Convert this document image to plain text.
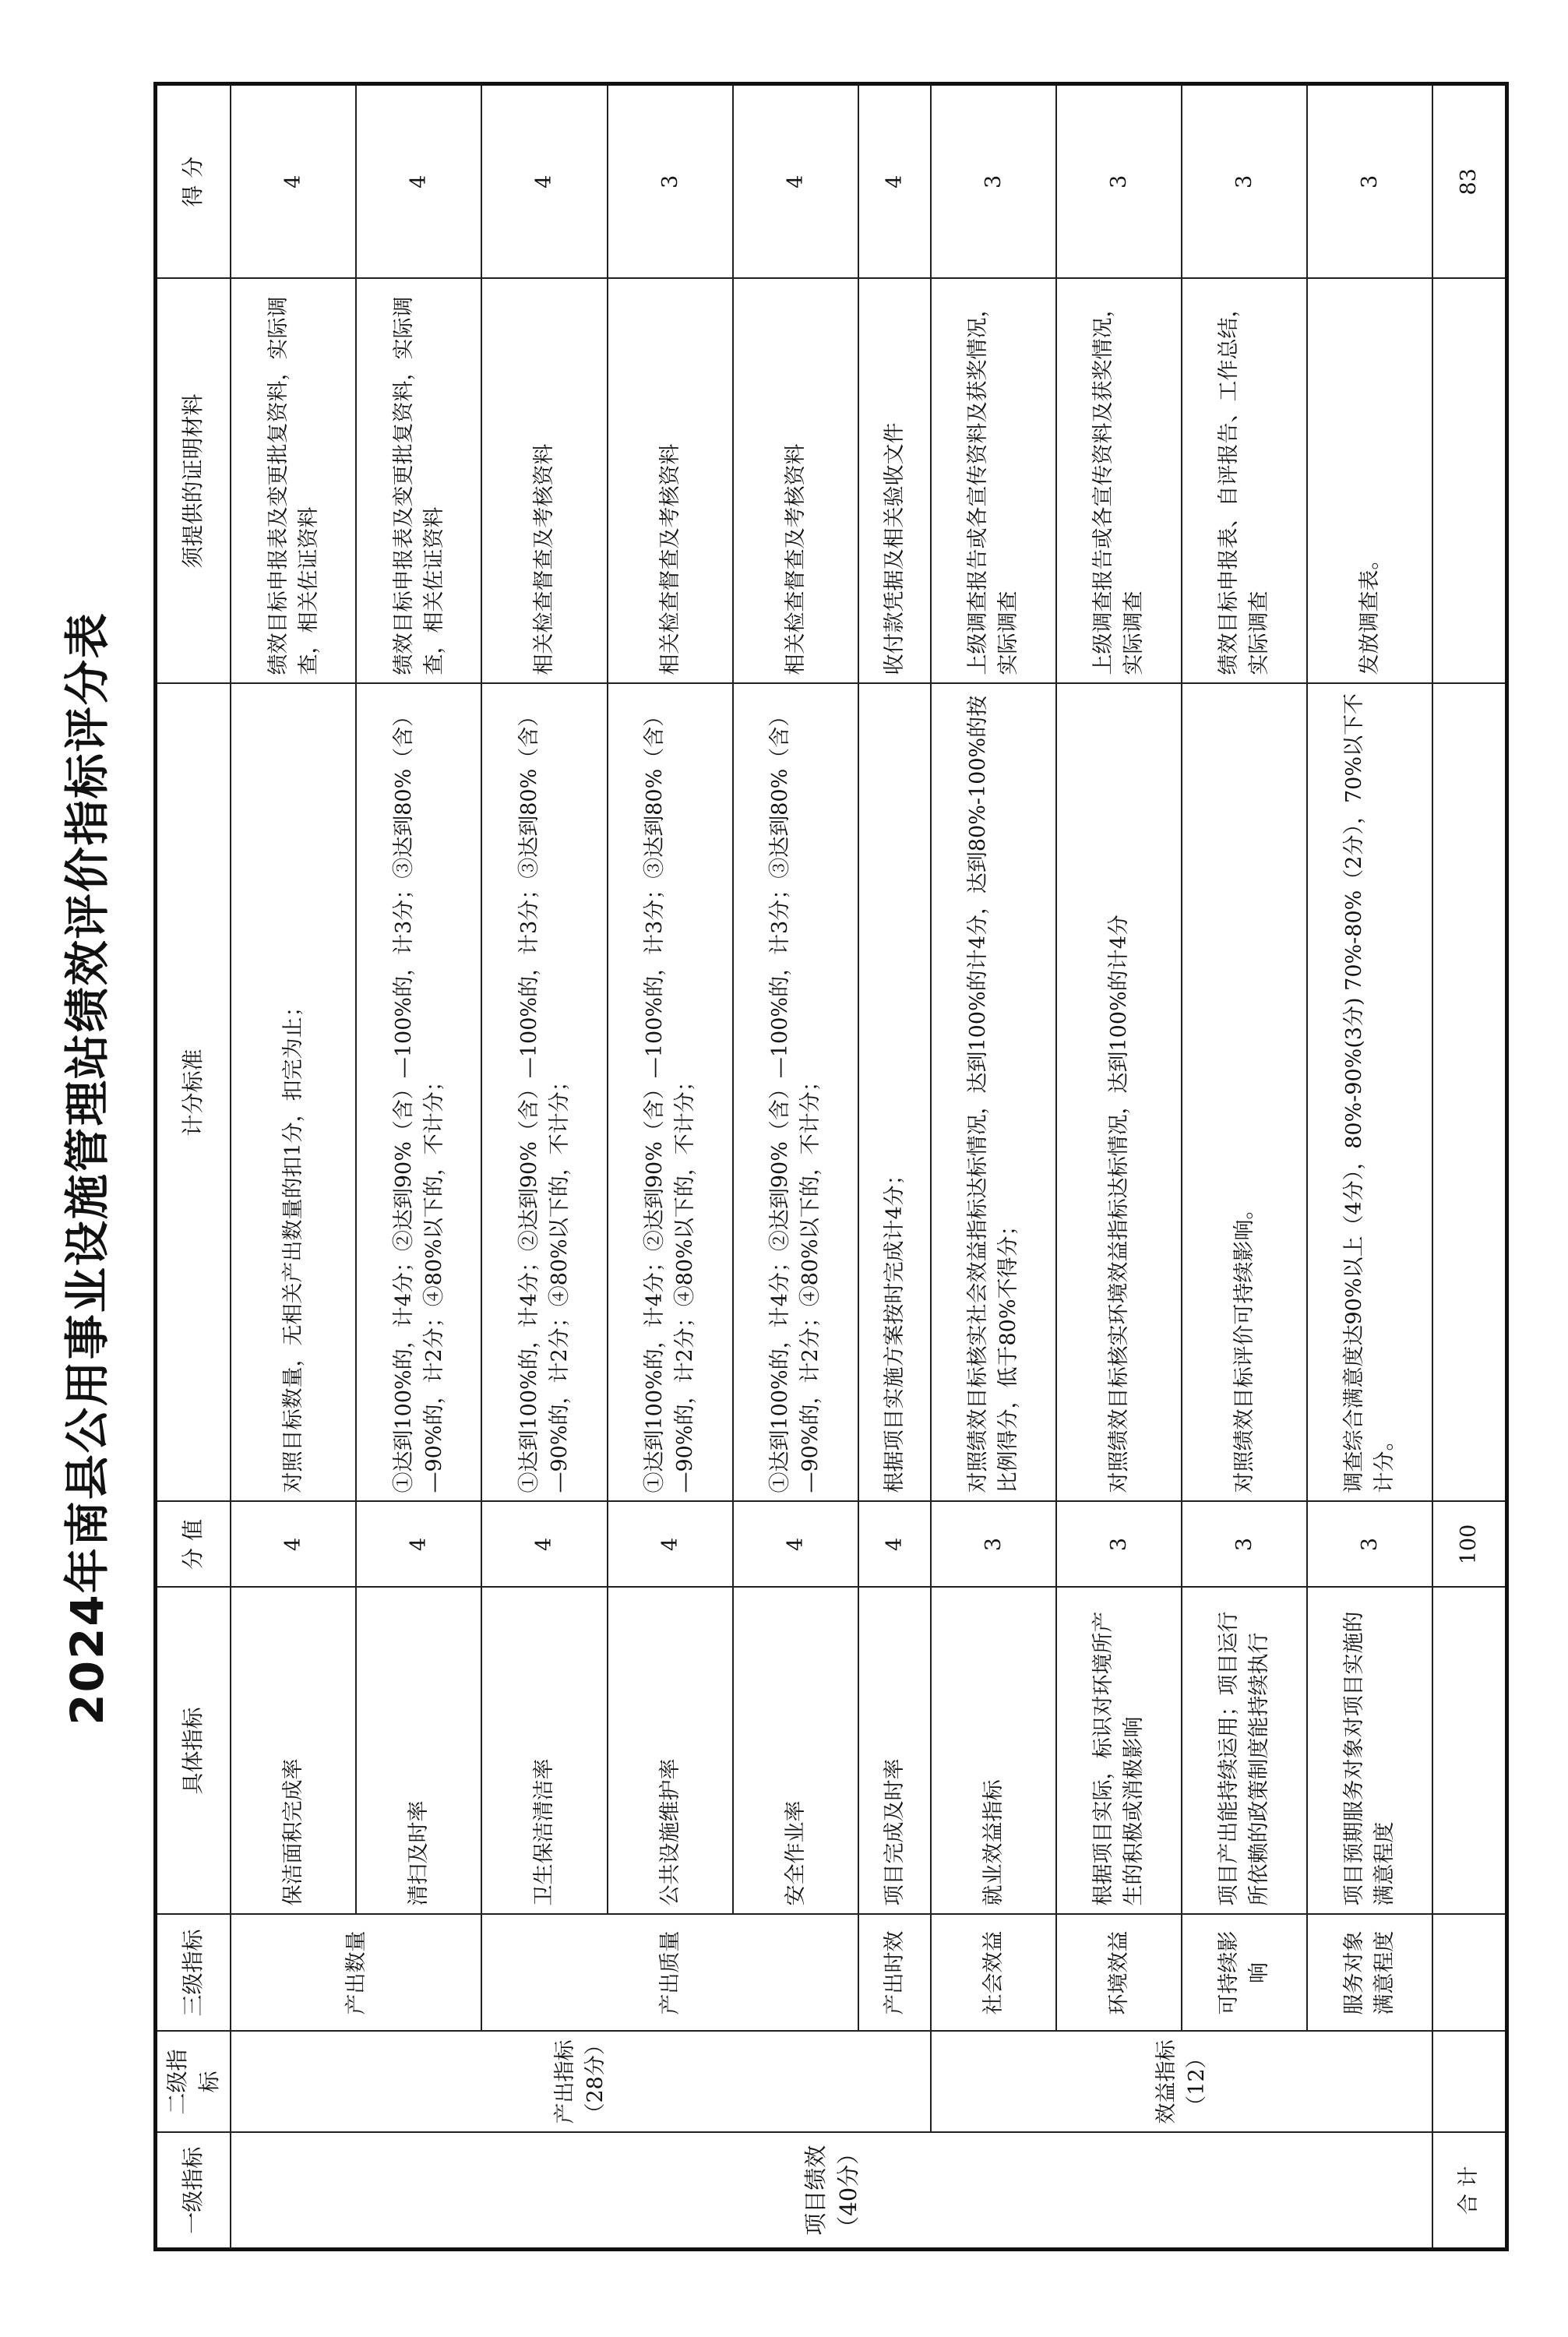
2024年南县公用事业设施管理站绩效评价指标评分表
一级指标	二级指标	三级指标	具体指标	分 值	计分标准	须提供的证明材料	得 分
项目绩效（40分）	产出指标（28分）	产出数量	保洁面积完成率	4	对照目标数量，无相关产出数量的扣1分，扣完为止；	绩效目标申报表及变更批复资料，实际调查，相关佐证资料	4
			清扫及时率	4	①达到100%的，计4分；②达到90%（含）—100%的，计3分；③达到80%（含）—90%的，计2分；④80%以下的，不计分；	绩效目标申报表及变更批复资料，实际调查，相关佐证资料	4
		产出质量	卫生保洁清洁率	4	①达到100%的，计4分；②达到90%（含）—100%的，计3分；③达到80%（含）—90%的，计2分；④80%以下的，不计分；	相关检查督查及考核资料	4
			公共设施维护率	4	①达到100%的，计4分；②达到90%（含）—100%的，计3分；③达到80%（含）—90%的，计2分；④80%以下的，不计分；	相关检查督查及考核资料	3
			安全作业率	4	①达到100%的，计4分；②达到90%（含）—100%的，计3分；③达到80%（含）—90%的，计2分；④80%以下的，不计分；	相关检查督查及考核资料	4
		产出时效	项目完成及时率	4	根据项目实施方案按时完成计4分；	收付款凭据及相关验收文件	4
	效益指标（12）	社会效益	就业效益指标	3	对照绩效目标核实社会效益指标达标情况，达到100%的计4分，达到80%-100%的按比例得分，低于80%不得分；	上级调查报告或各宣传资料及获奖情况，实际调查	3
		环境效益	根据项目实际，标识对环境所产生的积极或消极影响	3	对照绩效目标核实环境效益指标达标情况，达到100%的计4分	上级调查报告或各宣传资料及获奖情况，实际调查	3
		可持续影响	项目产出能持续运用；项目运行所依赖的政策制度能持续执行	3	对照绩效目标评价可持续影响。	绩效目标申报表、自评报告、工作总结，实际调查	3
		服务对象满意程度	项目预期服务对象对项目实施的满意程度	3	调查综合满意度达90%以上（4分），80%-90%(3分) 70%-80%（2分），70%以下不计分。	发放调查表。	3
合 计				100			83
